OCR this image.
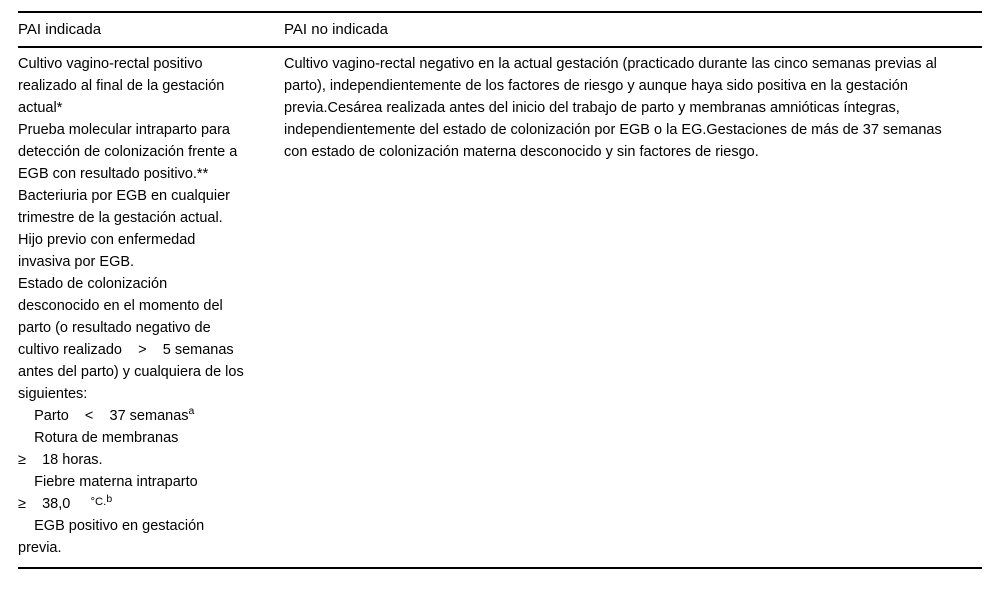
PAI indicada	PAI no indicada

Cultivo vagino-rectal positivo realizado al final de la gestación actual*

Prueba molecular intraparto para detección de colonización frente a EGB con resultado positivo.**

Bacteriuria por EGB en cualquier trimestre de la gestación actual.

Hijo previo con enfermedad invasiva por EGB.

Estado de colonización desconocido en el momento del parto (o resultado negativo de cultivo realizado > 5 semanas antes del parto) y cualquiera de los siguientes:

Parto < 37 semanas$^a$

Rotura de membranas
≥ 18 horas.

Fiebre materna intraparto
≥ 38,0 $^{^\circ C.b}$

EGB positivo en gestación previa.

Cultivo vagino-rectal negativo en la actual gestación (practicado durante las cinco semanas previas al parto), independientemente de los factores de riesgo y aunque haya sido positiva en la gestación previa.Cesárea realizada antes del inicio del trabajo de parto y membranas amnióticas íntegras, independientemente del estado de colonización por EGB o la EG.Gestaciones de más de 37 semanas con estado de colonización materna desconocido y sin factores de riesgo.
